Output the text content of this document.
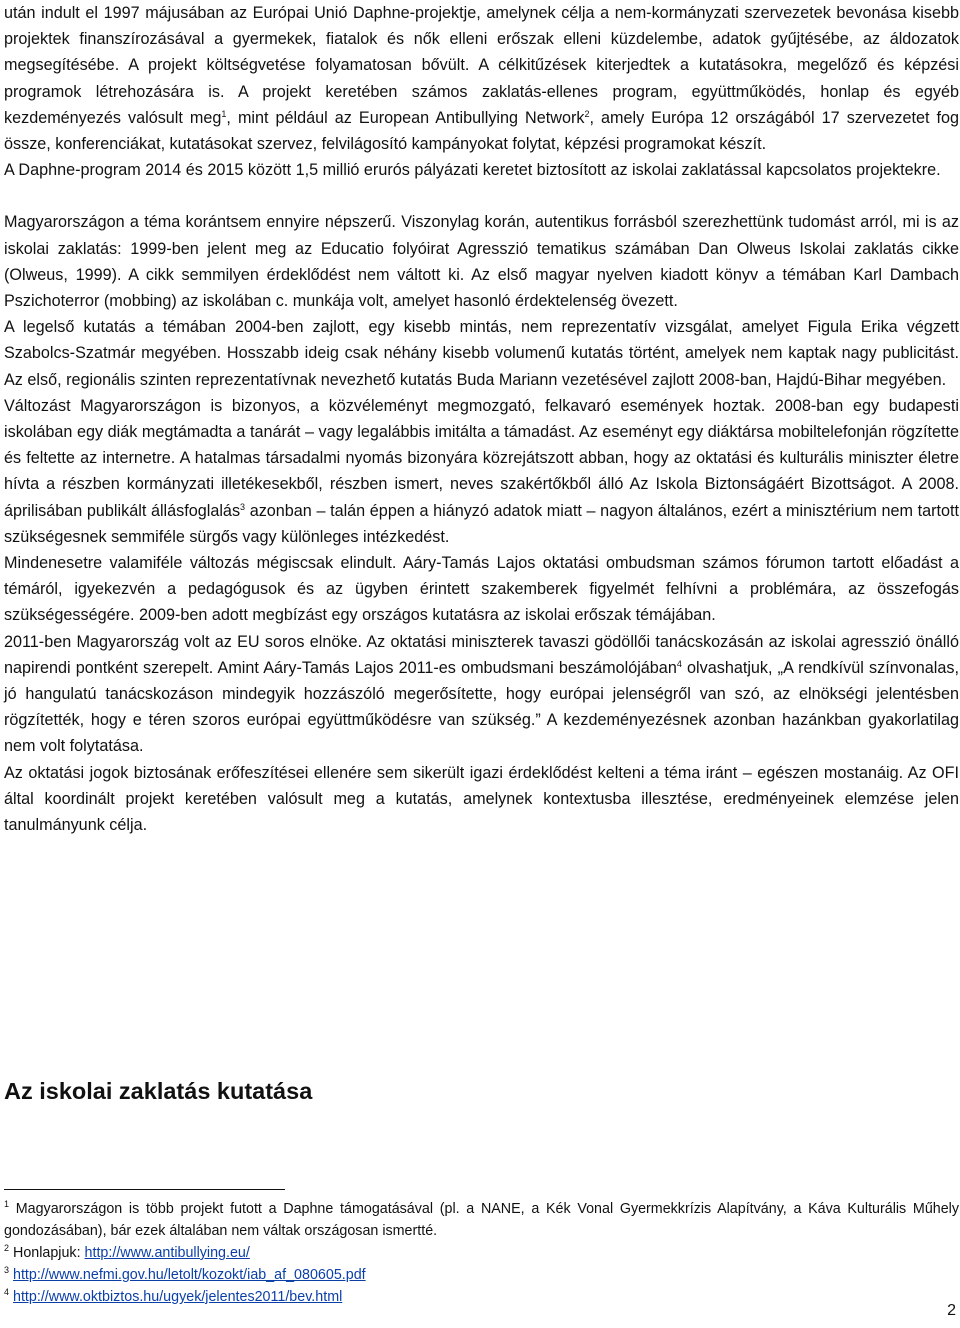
után indult el 1997 májusában az Európai Unió Daphne-projektje, amelynek célja a nem-kormányzati szervezetek bevonása kisebb projektek finanszírozásával a gyermekek, fiatalok és nők elleni erőszak elleni küzdelembe, adatok gyűjtésébe, az áldozatok megsegítésébe. A projekt költségvetése folyamatosan bővült. A célkitűzések kiterjedtek a kutatásokra, megelőző és képzési programok létrehozására is. A projekt keretében számos zaklatás-ellenes program, együttműködés, honlap és egyéb kezdeményezés valósult meg$^1$, mint például az European Antibullying Network$^2$, amely Európa 12 országából 17 szervezetet fog össze, konferenciákat, kutatásokat szervez, felvilágosító kampányokat folytat, képzési programokat készít.

A Daphne-program 2014 és 2015 között 1,5 millió erurós pályázati keretet biztosított az iskolai zaklatással kapcsolatos projektekre.

Magyarországon a téma korántsem ennyire népszerű. Viszonylag korán, autentikus forrásból szerezhettünk tudomást arról, mi is az iskolai zaklatás: 1999-ben jelent meg az Educatio folyóirat Agresszió tematikus számában Dan Olweus Iskolai zaklatás cikke (Olweus, 1999). A cikk semmilyen érdeklődést nem váltott ki. Az első magyar nyelven kiadott könyv a témában Karl Dambach Pszichoterror (mobbing) az iskolában c. munkája volt, amelyet hasonló érdektelenség övezett.

A legelső kutatás a témában 2004-ben zajlott, egy kisebb mintás, nem reprezentatív vizsgálat, amelyet Figula Erika végzett Szabolcs-Szatmár megyében. Hosszabb ideig csak néhány kisebb volumenű kutatás történt, amelyek nem kaptak nagy publicitást. Az első, regionális szinten reprezentatívnak nevezhető kutatás Buda Mariann vezetésével zajlott 2008-ban, Hajdú-Bihar megyében.

Változást Magyarországon is bizonyos, a közvéleményt megmozgató, felkavaró események hoztak. 2008-ban egy budapesti iskolában egy diák megtámadta a tanárát – vagy legalábbis imitálta a támadást. Az eseményt egy diáktársa mobiltelefonján rögzítette és feltette az internetre. A hatalmas társadalmi nyomás bizonyára közrejátszott abban, hogy az oktatási és kulturális miniszter életre hívta a részben kormányzati illetékesekből, részben ismert, neves szakértőkből álló Az Iskola Biztonságáért Bizottságot. A 2008. áprilisában publikált állásfoglalás$^3$ azonban – talán éppen a hiányzó adatok miatt – nagyon általános, ezért a minisztérium nem tartott szükségesnek semmiféle sürgős vagy különleges intézkedést.

Mindenesetre valamiféle változás mégiscsak elindult. Aáry-Tamás Lajos oktatási ombudsman számos fórumon tartott előadást a témáról, igyekezvén a pedagógusok és az ügyben érintett szakemberek figyelmét felhívni a problémára, az összefogás szükségességére. 2009-ben adott megbízást egy országos kutatásra az iskolai erőszak témájában.

2011-ben Magyarország volt az EU soros elnöke. Az oktatási miniszterek tavaszi gödöllői tanácskozásán az iskolai agresszió önálló napirendi pontként szerepelt. Amint Aáry-Tamás Lajos 2011-es ombudsmani beszámolójában$^4$ olvashatjuk, „A rendkívül színvonalas, jó hangulatú tanácskozáson mindegyik hozzászóló megerősítette, hogy európai jelenségről van szó, az elnökségi jelentésben rögzítették, hogy e téren szoros európai együttműködésre van szükség.” A kezdeményezésnek azonban hazánkban gyakorlatilag nem volt folytatása.

Az oktatási jogok biztosának erőfeszítései ellenére sem sikerült igazi érdeklődést kelteni a téma iránt – egészen mostanáig. Az OFI által koordinált projekt keretében valósult meg a kutatás, amelynek kontextusba illesztése, eredményeinek elemzése jelen tanulmányunk célja.

Az iskolai zaklatás kutatása
$^1$ Magyarországon is több projekt futott a Daphne támogatásával (pl. a NANE, a Kék Vonal Gyermekkrízis Alapítvány, a Káva Kulturális Műhely gondozásában), bár ezek általában nem váltak országosan ismertté.
$^2$ Honlapjuk: http://www.antibullying.eu/
$^3$ http://www.nefmi.gov.hu/letolt/kozokt/iab_af_080605.pdf
$^4$ http://www.oktbiztos.hu/ugyek/jelentes2011/bev.html
2
